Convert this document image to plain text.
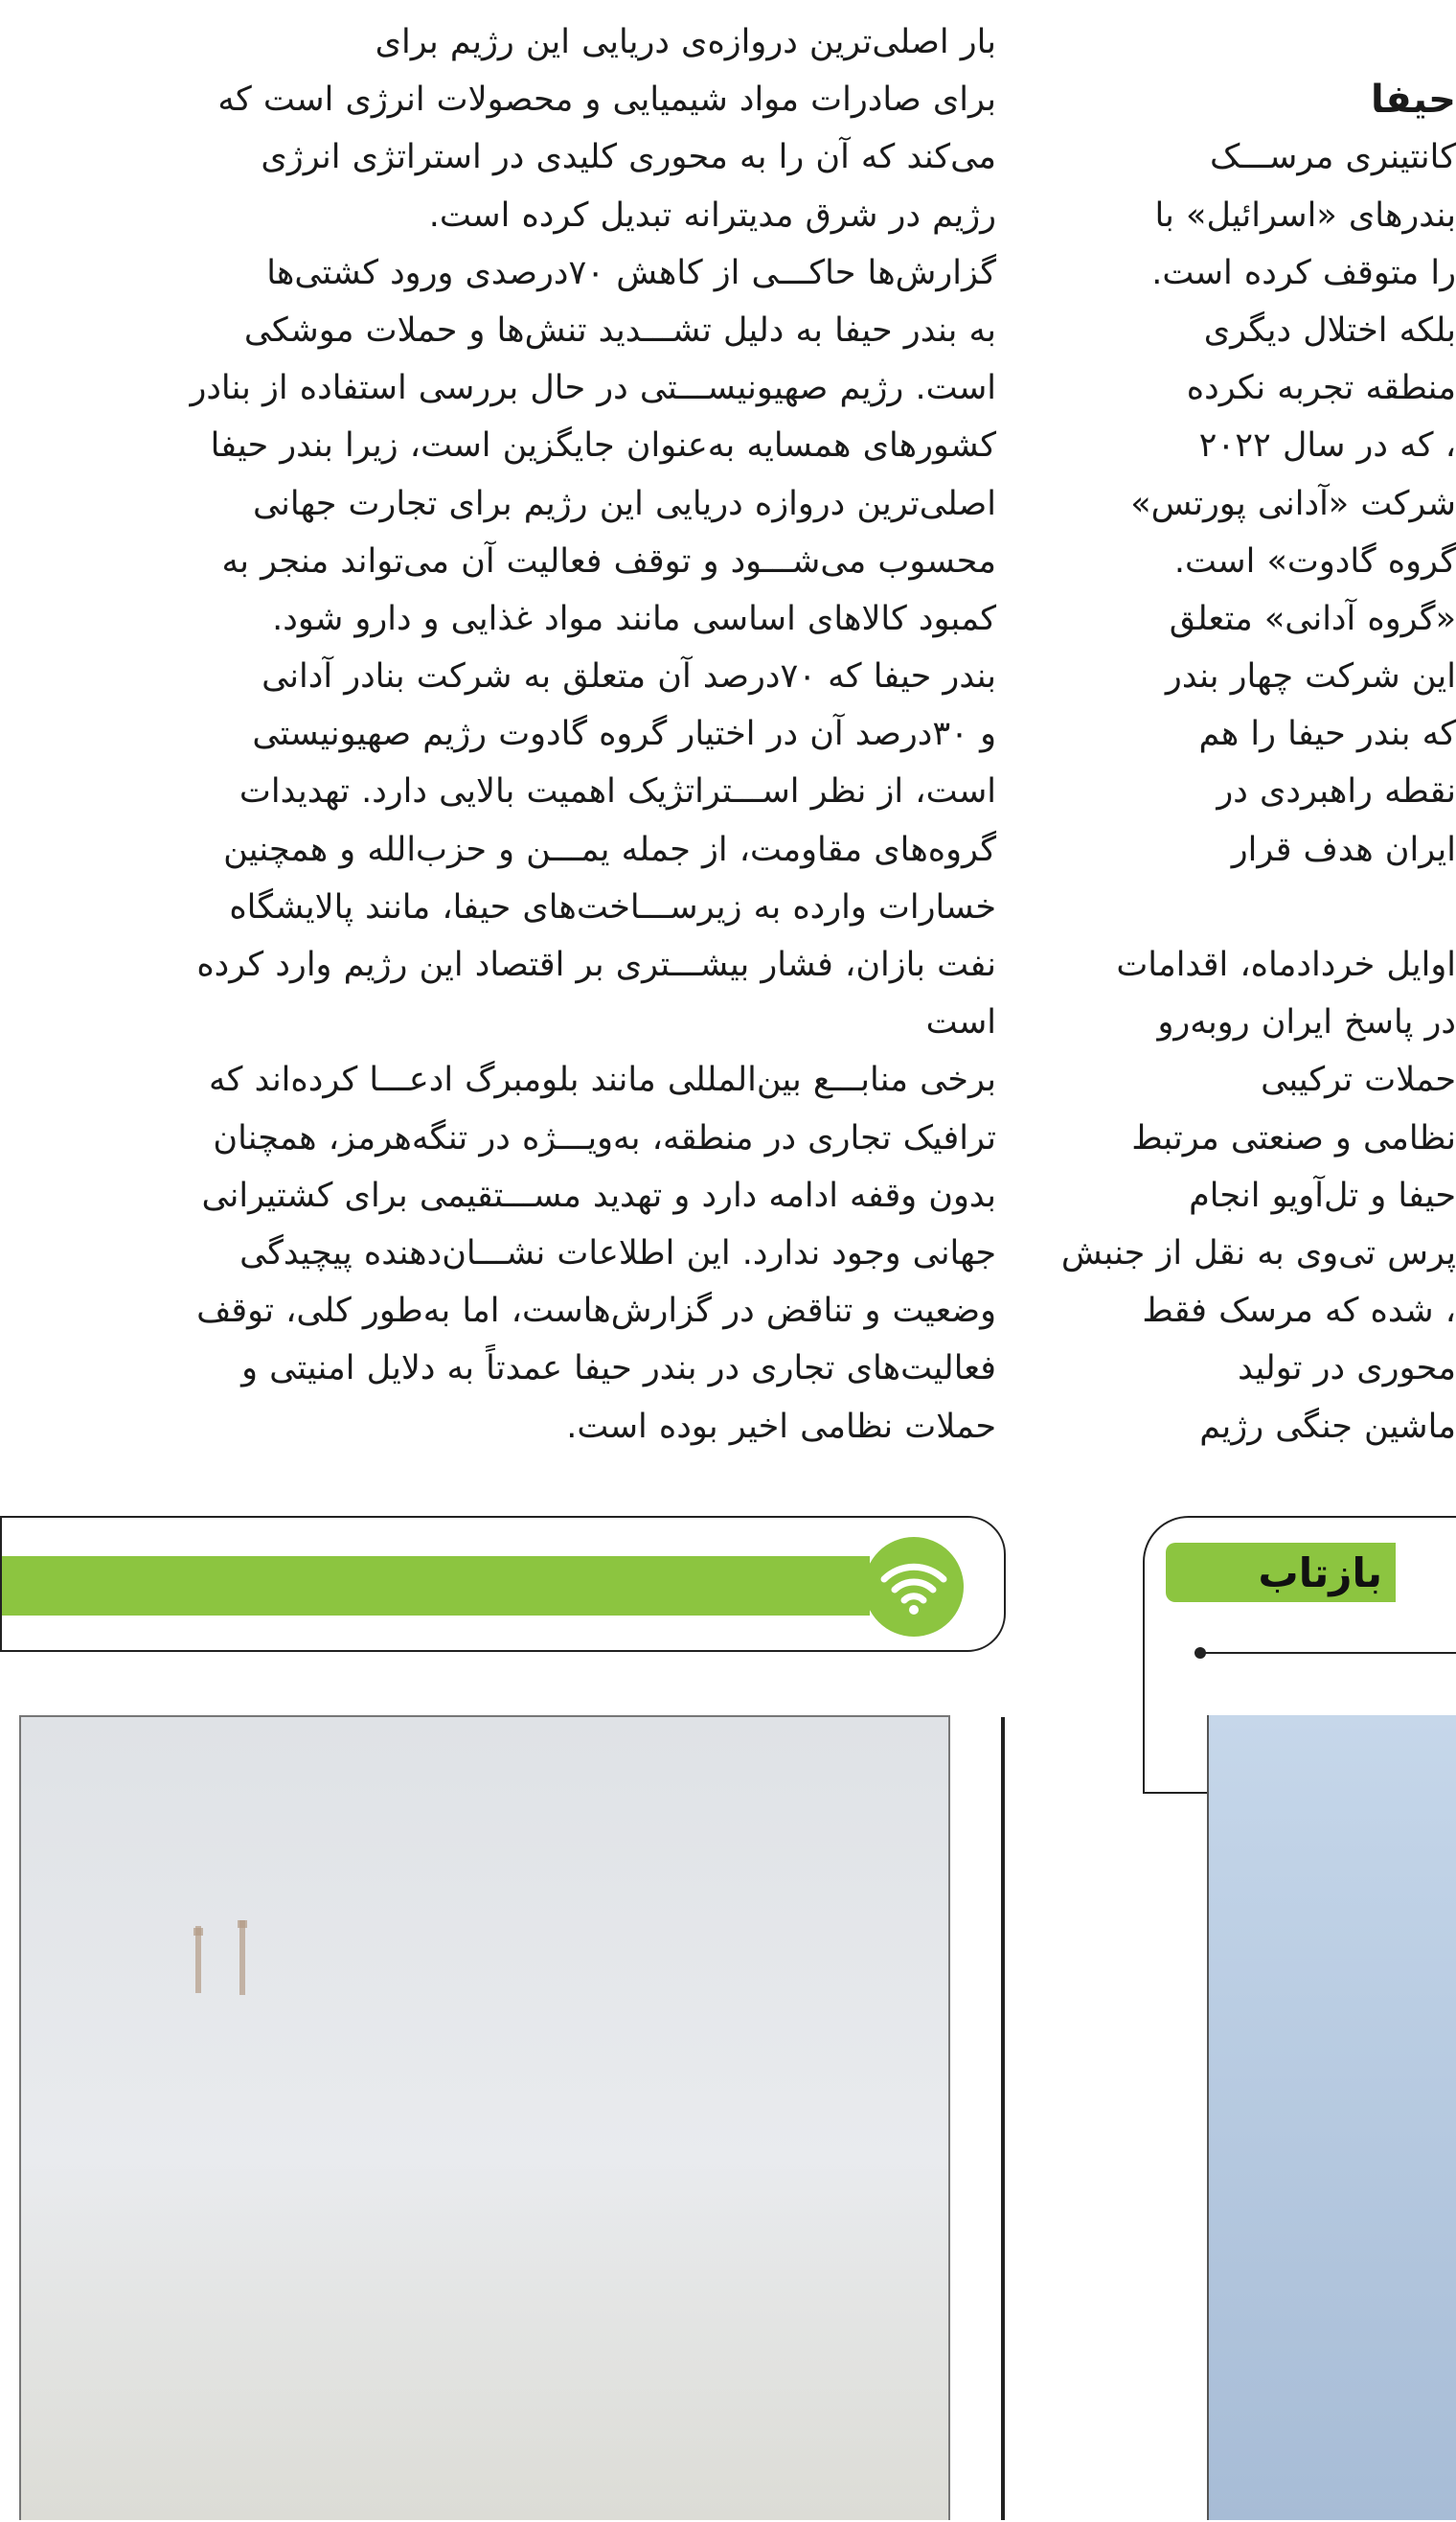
بار اصلی‌ترین دروازه‌ی دریایی این رژیم برای
برای صادرات مواد شیمیایی و محصولات انرژی است که
می‌کند که آن را به محوری کلیدی در استراتژی انرژی
رژیم در شرق مدیترانه تبدیل کرده است.
گزارش‌ها حاکـــی از کاهش ۷۰درصدی ورود کشتی‌ها
به بندر حیفا به دلیل تشـــدید تنش‌ها و حملات موشکی
است. رژیم صهیونیســـتی در حال بررسی استفاده از بنادر
کشورهای همسایه به‌عنوان جایگزین است، زیرا بندر حیفا
اصلی‌ترین دروازه دریایی این رژیم برای تجارت جهانی
محسوب می‌شـــود و توقف فعالیت آن می‌تواند منجر به
کمبود کالاهای اساسی مانند مواد غذایی و دارو شود.
بندر حیفا که ۷۰درصد آن متعلق به شرکت بنادر آدانی
و ۳۰درصد آن در اختیار گروه گادوت رژیم صهیونیستی
است، از نظر اســـتراتژیک اهمیت بالایی دارد. تهدیدات
گروه‌های مقاومت، از جمله یمـــن و حزب‌الله و همچنین
خسارات وارده به زیرســـاخت‌های حیفا، مانند پالایشگاه
نفت بازان، فشار بیشـــتری بر اقتصاد این رژیم وارد کرده
است
برخی منابـــع بین‌المللی مانند بلومبرگ ادعـــا کرده‌اند که
ترافیک تجاری در منطقه، به‌ویـــژه در تنگه‌هرمز، همچنان
بدون وقفه ادامه دارد و تهدید مســـتقیمی برای کشتیرانی
جهانی وجود ندارد. این اطلاعات نشـــان‌دهنده پیچیدگی
وضعیت و تناقض در گزارش‌هاست، اما به‌طور کلی، توقف
فعالیت‌های تجاری در بندر حیفا عمدتاً به دلایل امنیتی و
حملات نظامی اخیر بوده است.
حیفا
کانتینری مرســـک
بندرهای «اسرائیل» با
را متوقف کرده است.
بلکه اختلال دیگری
منطقه تجربه نکرده
، که در سال ۲۰۲۲
شرکت «آدانی پورتس»
گروه گادوت» است.
«گروه آدانی» متعلق
این شرکت چهار بندر
که بندر حیفا را هم
نقطه راهبردی در
ایران هدف قرار
اوایل خردادماه، اقدامات
در پاسخ ایران روبه‌رو
حملات ترکیبی
نظامی و صنعتی مرتبط
حیفا و تل‌آویو انجام
پرس تی‌وی به نقل از جنبش
، شده که مرسک فقط
محوری در تولید
ماشین جنگی رژیم
بازتاب
